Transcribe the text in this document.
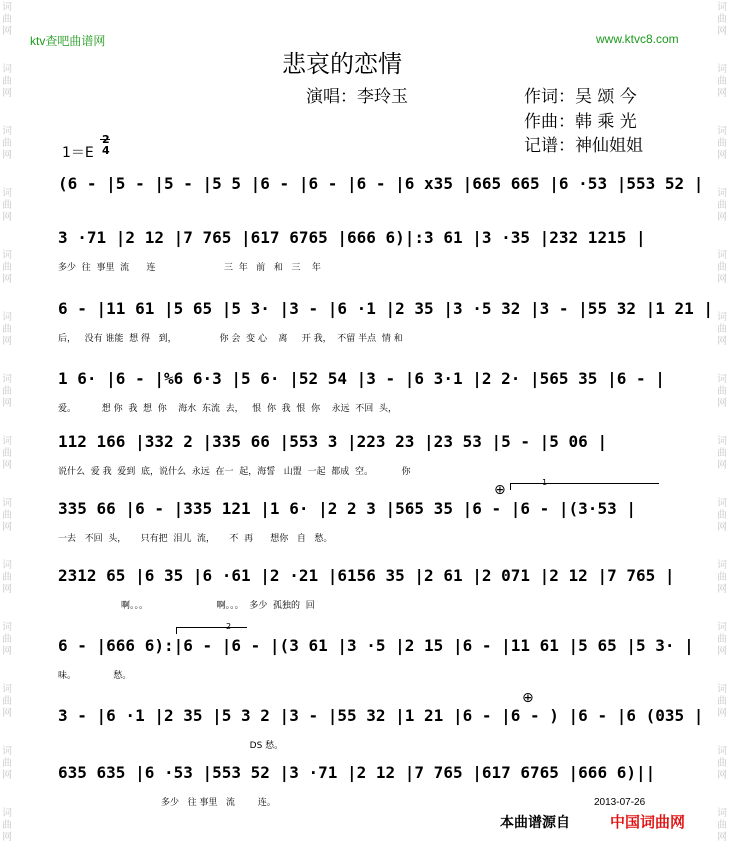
词
曲
网
词
曲
网
词
曲
网
词
曲
网
词
曲
网
词
曲
网
词
曲
网
词
曲
网
词
曲
网
词
曲
网
词
曲
网
词
曲
网
词
曲
网
词
曲
网
词
曲
网
词
曲
网
词
曲
网
词
曲
网
词
曲
网
词
曲
网
词
曲
网
词
曲
网
词
曲
网
词
曲
网
词
曲
网
词
曲
网
词
曲
网
词
曲
网
ktv查吧曲谱网	www.ktvc8.com
悲哀的恋情
演唱：李玲玉	作词：吴 颂 今
作曲：韩 乘 光
记谱：神仙姐姐
1＝E
2
4
(6 - |5 - |5 - |5 5 |6 - |6 - |6 - |6 x35 |665 665 |6 ·53 |553 52 |
3 ·71 |2 12 |7 765 |617 6765 |666 6)|:3 61 |3 ·35 |232 1215 |
多少  往  事里  流      连                        三  年   前   和   三    年
6 - |11 61 |5 65 |5 3· |3 - |6 ·1 |2 35 |3 ·5 32 |3 - |55 32 |1 21 |
后，   没有 谁能  想 得   到，               你 会  变 心    离     开 我，  不留 半点  情 和
1 6· |6 - |%6 6·3 |5 6· |52 54 |3 - |6 3·1 |2 2· |565 35 |6 - |
爱。         想 你  我  想  你    海水  东流  去，   恨  你  我  恨  你    永远  不回  头，
112 166 |332 2 |335 66 |553 3 |223 23 |23 53 |5 - |5 06 |
说什么  爱 我  爱到  底，说什么  永远  在一  起，海誓   山盟  一起  都成  空。          你
335 66 |6 - |335 121 |1 6· |2 2 3 |565 35 |6 - |6 - |(3·53 |
一去   不回  头，     只有把  泪儿  流，     不  再      想你   自   愁。
2312 65 |6 35 |6 ·61 |2 ·21 |6156 35 |2 61 |2 071 |2 12 |7 765 |
啊。。。                        啊。。。  多少  孤独的  回
6 - |666 6):|6 - |6 - |(3 61 |3 ·5 |2 15 |6 - |11 61 |5 65 |5 3· |
味。             愁。
3 - |6 ·1 |2 35 |5 3 2 |3 - |55 32 |1 21 |6 - |6 - ) |6 - |6 (035 |
DS 愁。
635 635 |6 ·53 |553 52 |3 ·71 |2 12 |7 765 |617 6765 |666 6)||
多少   往 事里   流        连。
1
2
⊕
⊕
2013-07-26
本曲谱源自	中国词曲网
